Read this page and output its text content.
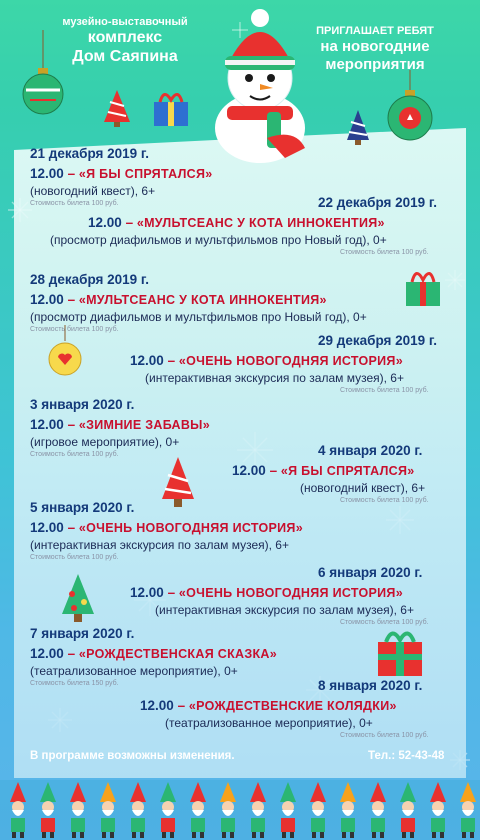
музейно-выставочный
комплекс
Дом Саяпина
ПРИГЛАШАЕТ РЕБЯТ
на новогодние
мероприятия
21 декабря 2019 г.
12.00 – «Я БЫ СПРЯТАЛСЯ»
(новогодний квест), 6+
Стоимость билета 100 руб.	22 декабря 2019 г.
12.00 – «МУЛЬТСЕАНС У КОТА ИННОКЕНТИЯ»
(просмотр диафильмов и мультфильмов про Новый год), 0+
Стоимость билета 100 руб.
28 декабря 2019 г.
12.00 – «МУЛЬТСЕАНС У КОТА ИННОКЕНТИЯ»
(просмотр диафильмов и мультфильмов про Новый год), 0+
Стоимость билета 100 руб.
29 декабря 2019 г.
12.00 – «ОЧЕНЬ НОВОГОДНЯЯ ИСТОРИЯ»
(интерактивная экскурсия по залам музея), 6+
Стоимость билета 100 руб.
3 января 2020 г.
12.00 – «ЗИМНИЕ ЗАБАВЫ»
(игровое мероприятие), 0+
Стоимость билета 100 руб.	4 января 2020 г.
12.00 – «Я БЫ СПРЯТАЛСЯ»
(новогодний квест), 6+
Стоимость билета 100 руб.
5 января 2020 г.
12.00 – «ОЧЕНЬ НОВОГОДНЯЯ ИСТОРИЯ»
(интерактивная экскурсия по залам музея), 6+
Стоимость билета 100 руб.
6 января 2020 г.
12.00 – «ОЧЕНЬ НОВОГОДНЯЯ ИСТОРИЯ»
(интерактивная экскурсия по залам музея), 6+
Стоимость билета 100 руб.
7 января 2020 г.
12.00 – «РОЖДЕСТВЕНСКАЯ СКАЗКА»
(театрализованное мероприятие), 0+
Стоимость билета 150 руб.	8 января 2020 г.
12.00 – «РОЖДЕСТВЕНСКИЕ КОЛЯДКИ»
(театрализованное мероприятие), 0+
Стоимость билета 100 руб.
В программе возможны изменения.	Тел.: 52-43-48
